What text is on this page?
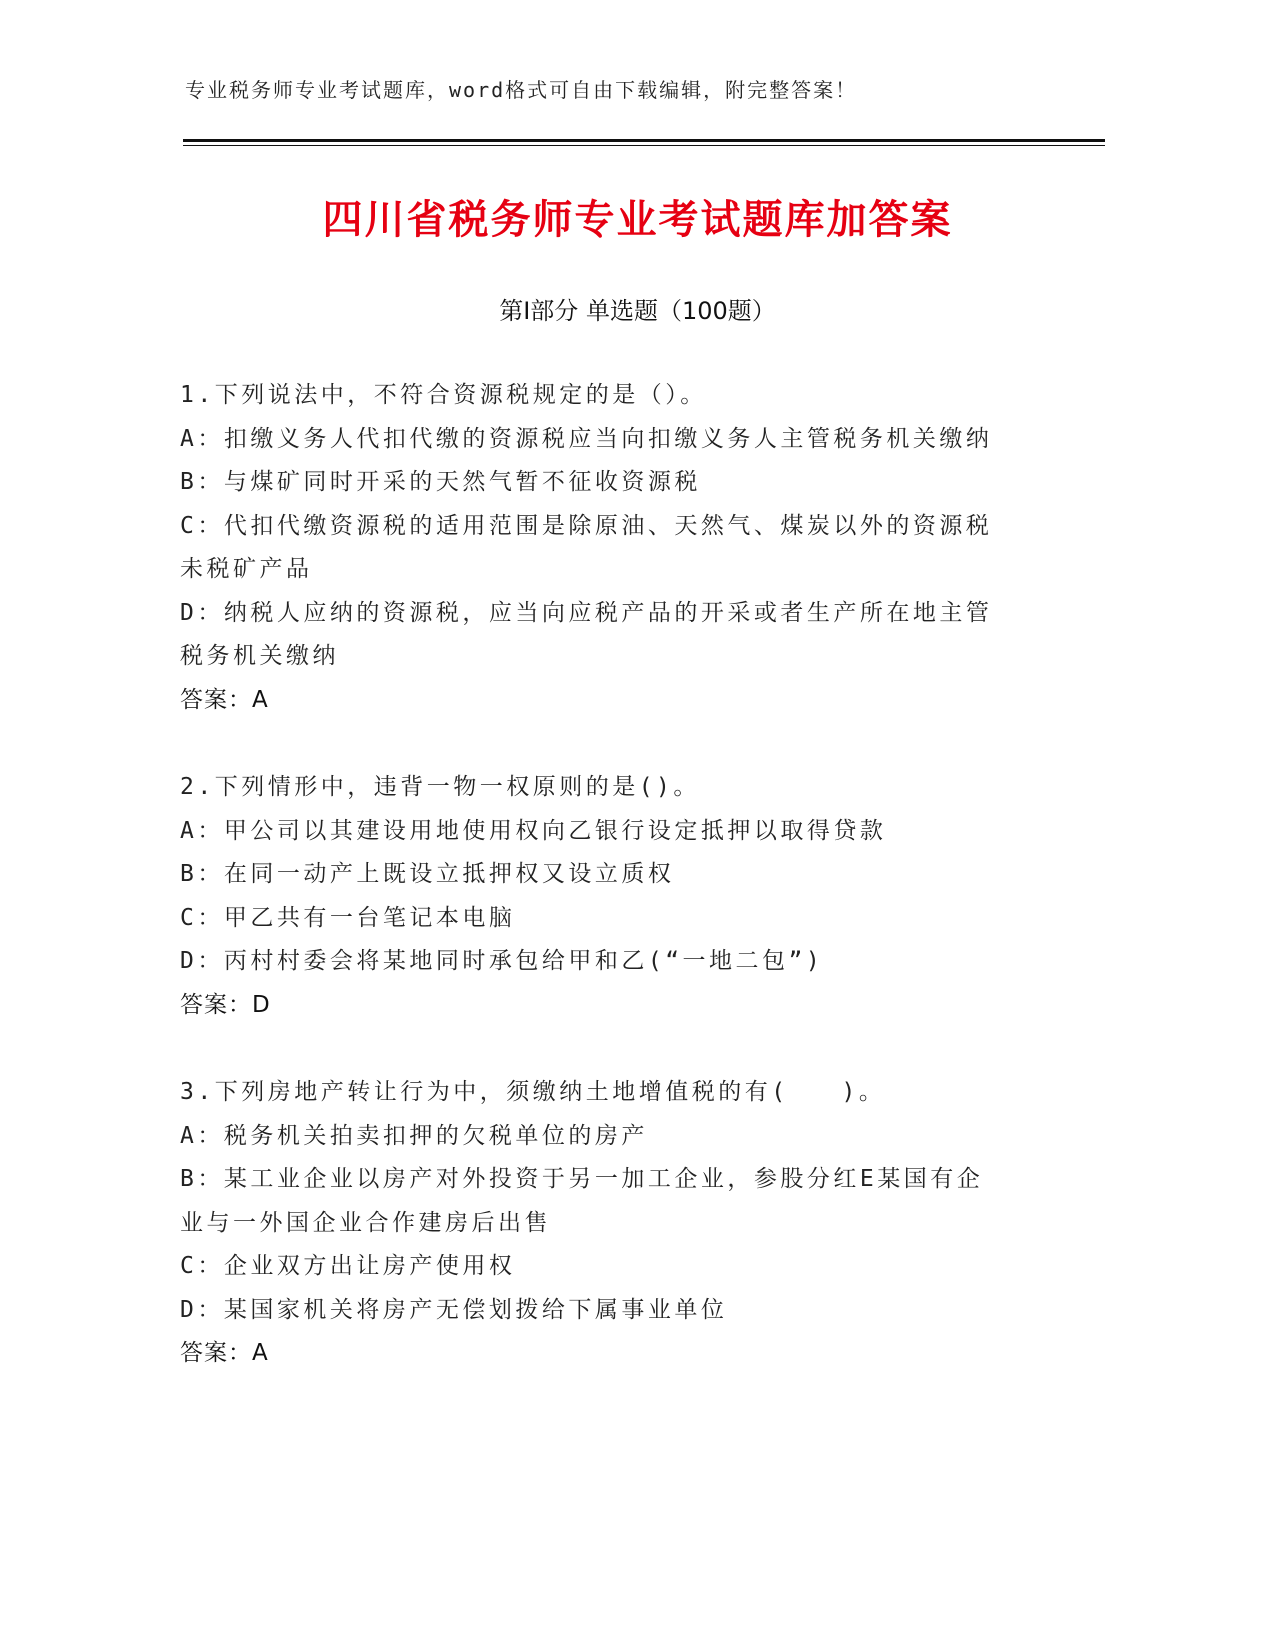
专业税务师专业考试题库，word格式可自由下载编辑，附完整答案！
四川省税务师专业考试题库加答案
第Ⅰ部分 单选题（100题）
1.下列说法中，不符合资源税规定的是（）。
A：扣缴义务人代扣代缴的资源税应当向扣缴义务人主管税务机关缴纳
B：与煤矿同时开采的天然气暂不征收资源税
C：代扣代缴资源税的适用范围是除原油、天然气、煤炭以外的资源税
未税矿产品
D：纳税人应纳的资源税，应当向应税产品的开采或者生产所在地主管
税务机关缴纳
答案：A
2.下列情形中，违背一物一权原则的是()。
A：甲公司以其建设用地使用权向乙银行设定抵押以取得贷款
B：在同一动产上既设立抵押权又设立质权
C：甲乙共有一台笔记本电脑
D：丙村村委会将某地同时承包给甲和乙(“一地二包”)
答案：D
3.下列房地产转让行为中，须缴纳土地增值税的有(　　)。
A：税务机关拍卖扣押的欠税单位的房产
B：某工业企业以房产对外投资于另一加工企业，参股分红E某国有企
业与一外国企业合作建房后出售
C：企业双方出让房产使用权
D：某国家机关将房产无偿划拨给下属事业单位
答案：A
